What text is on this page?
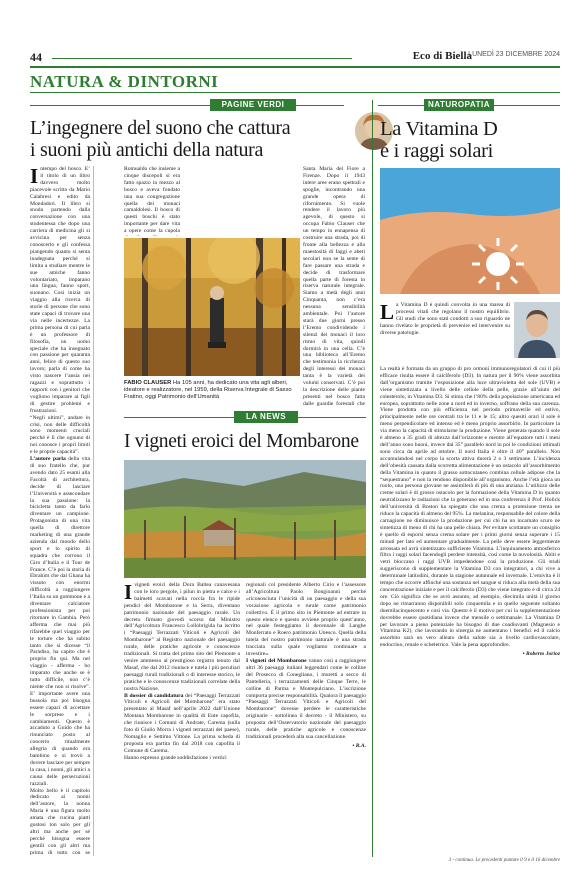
44	Eco di Biella
LUNEDÌ 23 DICEMBRE 2024
NATURA & DINTORNI
PAGINE VERDI
L’ingegnere del suono che cattura
i suoni più antichi della natura

Intempo del bosco. E’ il titolo di un libro davvero molto piacevole scritto da Mario Calabresi e edito da Mondadori. Il libro si snoda partendo dalla conversazione con una studentessa che dopo una carriera di medicina gli si avvicina per senza conoscerlo e gli confessa piangendo quanto si senta inadeguata perché si limita a studiare mentre le sue amiche fanno volontariato, imparano una lingua, fanno sport, suonano. Così inizia un viaggio alla ricerca di storie di persone che sono state capaci di trovare una via nelle incertezze. La prima persona di cui parla è un professore di filosofia, un uomo speciale che ha insegnato con passione per quaranta anni, felice di questo suo lavoro; parla di come ha visto nascere l’ansia nei ragazzi e soprattutto i rapporti con i genitori che vogliono imparare ai figli di gestire problemi e frustrazioni.

“Negli ultimi”, andare in crisi, non delle difficoltà sono momenti cruciali perché è lì che ognuno di noi conosce i propri limiti e le proprie capacità”.

L’autore parla della vita di suo fratello che, pur avendo dato 25 esami alla Facoltà di architettura, decide di lasciare l’Università e assecondare la sua passione: la bicicletta tanto da farlo diventare un campione. Protagonista di una vita quella di direttore marketing di una grande azienda dal mondo dello sport e lo spirito di squadra che corrono il Giro d’Italia e il Tour de France. C’è poi la storia di Ebrahim che dal Ghana ha vissuto con enormi difficoltà a raggiungere l’Italia su un gommone e a diventare calciatore professionista per poi ritornare in Gambia. Però afferma che mai più rifarebbe quel viaggio per le torture che ha subito tanto che si dicesse “il Paradiso, ha capito che è proprio fin qui. Ma nel viaggio - afferma - ho imparato che anche se è tutto difficile, non c’è niente che non si risolve”. E’ importante avere una bussola ma poi bisogna essere capaci di accettare le sorprese e i cambiamenti. Questo è accaduto a Guido che ha rinunciato posto al concerto ritualmente allegria di quando era bambino e si trovò a dovere lasciare per sempre la casa, i nonni, gli amici a causa delle persecuzioni razziali.

Molto bello è il capitolo dedicato ai nonni dell’autore, la nonna Maria è una figura molto amata che cucina piatti gustosi ton solo per gli altri ma anche per sé perché bisogna essere gentili con gli altri ma prima di tutto con se

Romualdo che insieme a cinque discepoli si era fatto spazio in mezzo al bosco e aveva fondato una sua congregazione quella dei monaci camaldolesi. Il bosco di questi boschi è stato importante per dare vita a opere come la cupola

Santa Maria del Fiore a Firenze. Dopo il 1943 intere aree erano spettrali e spoglie, incontrando una grande opera di rifornimento. Si vuole rendere il lavoro più agevole, di questo si occupa Fabio Clauser che un tempo in ennapensa di costruire una strada, poi di fronte alla bellezza e alla maestosità di faggi e abeti secolari non se la sente di fare passare una strada e decide di trasformare quella parte di foresta in riserva naturale integrale. Siamo a metà degli anni Cinquanta, non c’era nessuna sensibilità ambientale. Poi l’autore starà due giorni presso l’Eremo condividendo i silenzi dei monaci il loro ritmo di vita, quindi dormirà in una cella. C’è una biblioteca all’Eremo che testimonia la ricchezza degli interessi dei monaci tanta è la varietà dei volumi conservati. C’è poi la descrizione delle piante presenti nel bosco fatta dalle guardie forestali che

FABIO CLAUSER Ha 105 anni, ha dedicato una vita agli alberi, ideatore e realizzatore, nel 1959, della Riserva Integrale di Sasso Fratino, oggi Patrimonio dell’Umanità
LA NEWS
I vigneti eroici del Mombarone

Ivigneti eroici della Dora Baltea canavesana con le loro pergole, i pilun in pietra e calce e i balmetti scavati nella roccia fra le ripide pendici del Mombarone e la Serra, diventano patrimonio nazionale del paesaggio rurale. Un decreto firmato giovedì scorso dal Ministro dell’Agricoltura Francesco Lollobrigida ha iscritto i “Paesaggi Terrazzati Viticoli e Agricoli del Mombarone” al Registro nazionale del paesaggio rurale, delle pratiche agricole e conoscenze tradizionali. Si tratta del primo sito del Piemonte a venire ammesso al prestigioso registro tenuto dal Masaf, che dal 2012 riunisce e tutela i più peculiari paesaggi rurali tradizionali o di interesse storico, le pratiche e le conoscenze tradizionali correlate della nostra Nazione.

Il dossier di candidatura dei “Paesaggi Terrazzati Viticoli e Agricoli del Mombarone” era stato presentato al Masaf nell’aprile 2022 dall’Unione Montana Mombarone in qualità di Ente capofila, che riunisce i Comuni di Andrate, Carema (sulla foto di Giulio Morra i vigneti terrazzati del paese), Nomaglio e Settimo Vittone. La prima scheda di proposta era partita fin dal 2018 con capofila il Comune di Carema.

Hanno espresso grande soddisfazione i vertici

regionali col presidente Alberto Cirio e l’assessore all’Agricoltura Paolo Bongioanni perché «riconosciuta l’unicità di un paesaggio e della sua vocazione agricola e rurale come patrimonio collettivo. È il primo sito in Piemonte ad entrare in questo elenco e questo avviene proprio quest’anno, nel quale festeggiamo il decennale di Langhe Monferrato e Roero patrimonio Unesco. Quella della tutela del nostro patrimonio naturale è una strada tracciata sulla quale vogliamo continuare a investire».

I vigneti del Mombarone vanno così a raggiungere altri 36 paesaggi italiani leggendari come le colline del Prosecco di Conegliano, i muretti a secco di Pantelleria, i terrazzamenti delle Cinque Terre, le colline di Parma e Montepulciano. L’iscrizione comporta precise responsabilità. Qualora il paesaggio “Paesaggi Terrazzati Viticoli e Agricoli del Mombarone” dovesse perdere le caratteristiche originarie - sottolinea il decreto - il Ministero, su proposta dell’Osservatorio nazionale del paesaggio rurale, delle pratiche agricole e conoscenze tradizionali procederà alla sua cancellazione.

• R.A.

NATUROPATIA
La Vitamina D
e i raggi solari

La Vitamina D è quindi convolta in una marea di processi vitali che regolano il nostro equilibrio. Gli studi che sono stati condotti a suo riguardo ne hanno rivelato le proprietà di prevenire ed intervenire su diverse patologie.

La realtà è formata da un gruppo di pro ormoni immunoregolatori di cui il più efficace risulta essere il calciferolo (D3). In natura per il 90% viene assorbita dall’organismo tramite l’esposizione alla luce ultravioletta del sole (UVB) e viene sintetizzata a livello delle cellule della pelle, grazie all’aiuto del colesterolo, in Vitamina D3. Si stima che l’80% della popolazione americana ed europea, soprattutto nelle zone a nord ed in inverno, soffrano della sua carenza. Viene prodotta con più efficienza nel periodo primaverile ed estivo, principalmente nelle ore centrali tra le 11 e le 15; altro quesiti orari il sole è meno perpendicolare ed intenso ed è meno proprio assorbirlo. In particolare la via meno la capacità di stimolarne la produzione. Viene generata quando il sole è almeno a 35 gradi di altezza dall’orizzonte e mentre all’equatore tutti i mesi dell’anno sono buoni, invece dal 35° parallelo nord in poi le condizioni ottimali sono circa da aprile ad ottobre. Il nord Italia è oltre il 40° parallelo. Non accumulandosi nel corpo la scorta attiva durerà 2 o 3 settimane. L’incidenza dell’obesità causata dalla scorretta alimentazione è un ostacolo all’assorbimento della Vitamina in quanto il grasso sottocutaneo combina cellule adipose che la “sequestrano” e non la rendono disponibile all’organismo. Anche l’età gioca un ruolo, una persona giovane ne assimilerà di più di una anziana. L’utilizzo delle creme solari è di grosso ostacolo per la formazione della Vitamina D in quanto neutralizzano le radiazioni che la generano ed in una conferenza il Prof. Holick dell’università di Boston ha spiegato che una crema a protezione trenta ne riduce la capacità di almeno del 95%. La melanina, responsabile del colore della carnagione ne diminuisce la produzione per cui chi ha un incarnato scuro ne sintetizza di meno di chi ha una pelle chiara. Per evitare scottature un consiglio è quello di esporsi senza crema solare per i primi giorni senza superare i 15 minuti per lato ed aumentare gradualmente. La pelle deve essere leggermente arrossata ed avrà sintetizzato sufficiente Vitamina. L’inquinamento atmosferico filtra i raggi solari facendogli perdere intensità, così come la nuvolosità. Abiti e vetri bloccano i raggi UVB impedendone così la produzione. Gli studi suggeriscono di supplementare la Vitamina D3 con integratori, a chi vive a determinate latitudini, durante la stagione autunnale ed invernale. L’emivita è il tempo che occorre affinché una sostanza nel sangue si riduca alla metà della sua concentrazione iniziale e per il calciferolo (D3) che viene integrato è di circa 24 ore. Ciò significa che se avrò assunto, ad esempio, diecimila unità il giorno dopo ne rimarranno disponibili solo cinquemila e in quello seguente soltanto duemilacinquecento e così via. Questo è il motivo per cui la supplementazione dovrebbe essere quotidiana invece che mensile o settimanale. La Vitamina D per lavorare a pieno potenziale ha bisogno di due coadiuvanti (Magnesio e Vitamina K2), che lavorando in sinergia ne aumentano i benefici ed il calcio assorbito sarà un vero alleato della salute sia a livello cardiovascolare, endocrino, renale e scheletrico. Vale la pena approfondire.

• Roberto Jorioz

3 - continua. Le precedenti puntate il 9 e il 16 dicembre
